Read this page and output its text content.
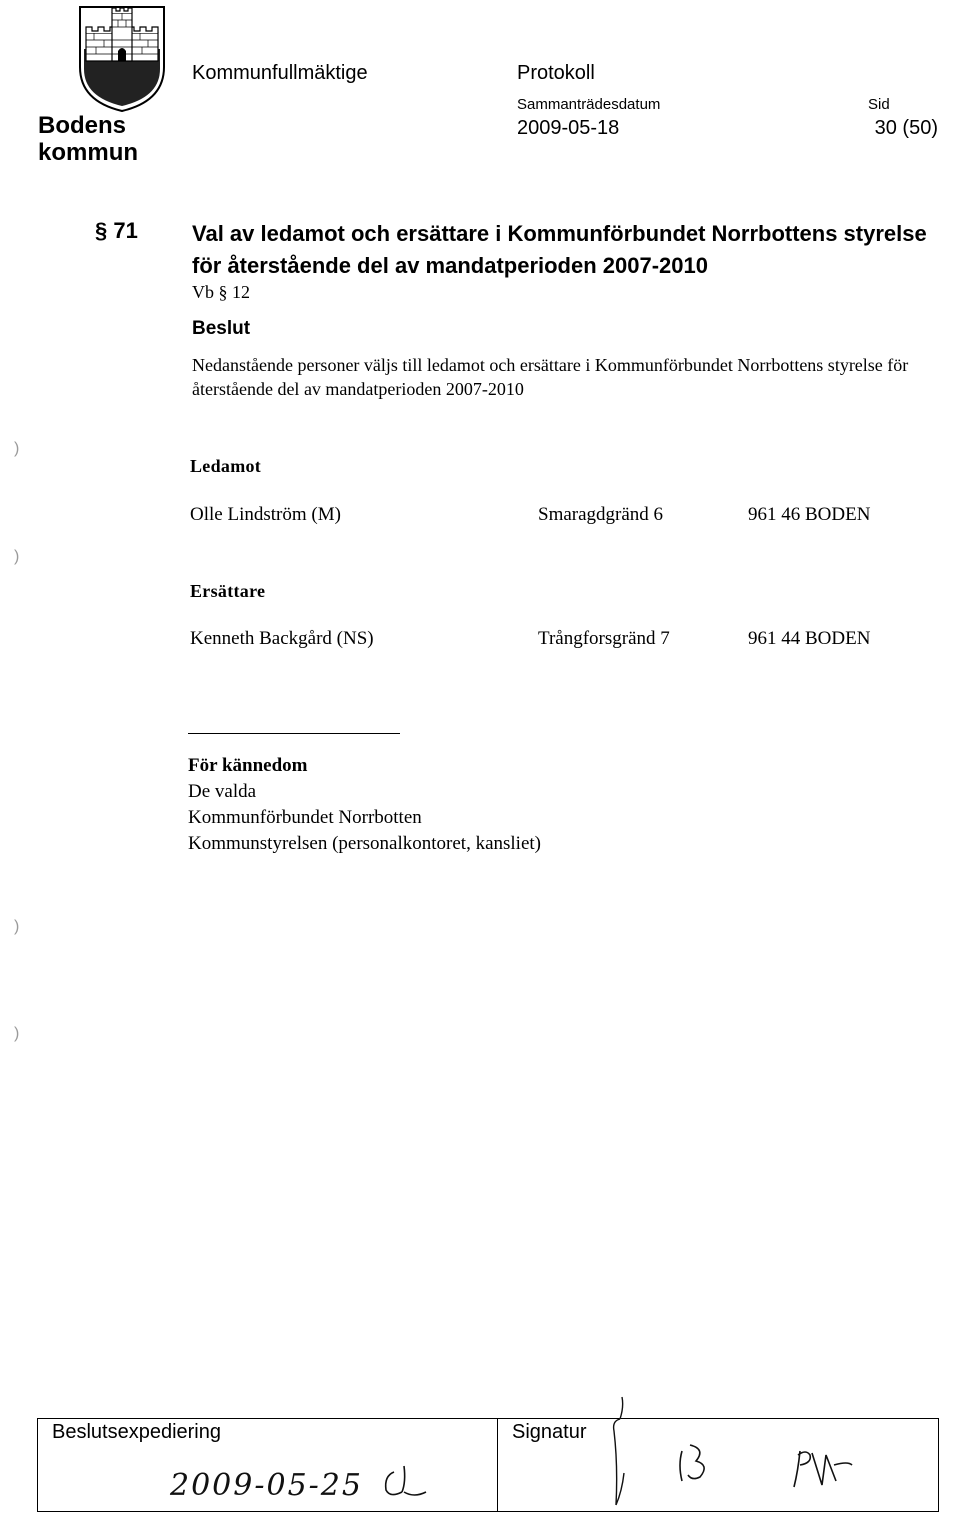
Bodens kommun
Kommunfullmäktige	Protokoll
Sammanträdesdatum
2009-05-18
Sid
30 (50)
§ 71 Val av ledamot och ersättare i Kommunförbundet Norrbottens styrelse för återstående del av mandatperioden 2007-2010
Vb § 12
Beslut
Nedanstående personer väljs till ledamot och ersättare i Kommunförbundet Norrbottens styrelse för återstående del av mandatperioden 2007-2010
Ledamot
Olle Lindström (M)	Smaragdgränd 6	961 46 BODEN
Ersättare
Kenneth Backgård (NS)	Trångforsgränd 7	961 44 BODEN
För kännedom
De valda
Kommunförbundet Norrbotten
Kommunstyrelsen (personalkontoret, kansliet)
)
)
)
)
Beslutsexpediering	Signatur
2009-05-25
